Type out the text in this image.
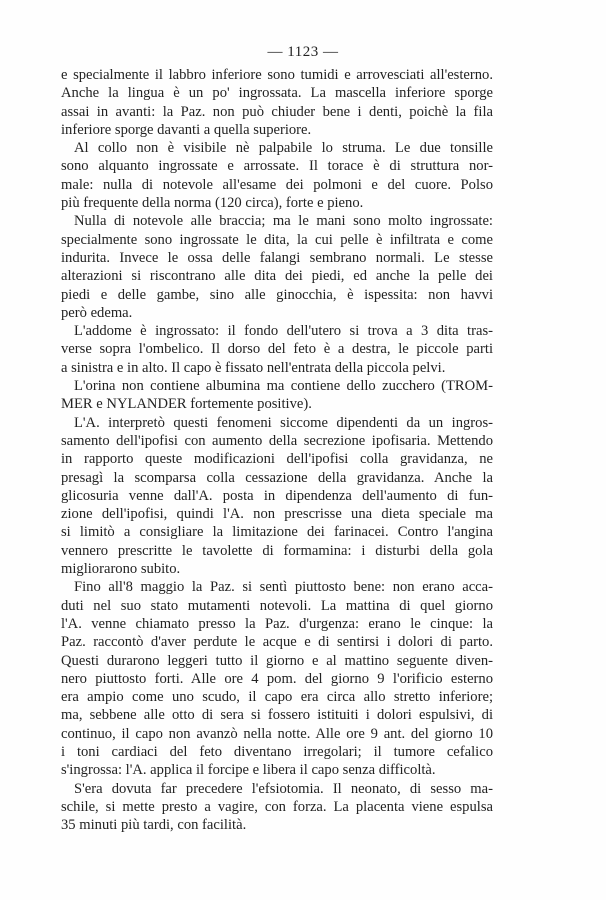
— 1123 —
e specialmente il labbro inferiore sono tumidi e arrovesciati all'esterno.
Anche la lingua è un po' ingrossata. La mascella inferiore sporge
assai in avanti: la Paz. non può chiuder bene i denti, poichè la fila
inferiore sporge davanti a quella superiore.
Al collo non è visibile nè palpabile lo struma. Le due tonsille
sono alquanto ingrossate e arrossate. Il torace è di struttura nor-
male: nulla di notevole all'esame dei polmoni e del cuore. Polso
più frequente della norma (120 circa), forte e pieno.
Nulla di notevole alle braccia; ma le mani sono molto ingrossate:
specialmente sono ingrossate le dita, la cui pelle è infiltrata e come
indurita. Invece le ossa delle falangi sembrano normali. Le stesse
alterazioni si riscontrano alle dita dei piedi, ed anche la pelle dei
piedi e delle gambe, sino alle ginocchia, è ispessita: non havvi
però edema.
L'addome è ingrossato: il fondo dell'utero si trova a 3 dita tras-
verse sopra l'ombelico. Il dorso del feto è a destra, le piccole parti
a sinistra e in alto. Il capo è fissato nell'entrata della piccola pelvi.
L'orina non contiene albumina ma contiene dello zucchero (TROM-
MER e NYLANDER fortemente positive).
L'A. interpretò questi fenomeni siccome dipendenti da un ingros-
samento dell'ipofisi con aumento della secrezione ipofisaria. Mettendo
in rapporto queste modificazioni dell'ipofisi colla gravidanza, ne
presagì la scomparsa colla cessazione della gravidanza. Anche la
glicosuria venne dall'A. posta in dipendenza dell'aumento di fun-
zione dell'ipofisi, quindi l'A. non prescrisse una dieta speciale ma
si limitò a consigliare la limitazione dei farinacei. Contro l'angina
vennero prescritte le tavolette di formamina: i disturbi della gola
migliorarono subito.
Fino all'8 maggio la Paz. si sentì piuttosto bene: non erano acca-
duti nel suo stato mutamenti notevoli. La mattina di quel giorno
l'A. venne chiamato presso la Paz. d'urgenza: erano le cinque: la
Paz. raccontò d'aver perdute le acque e di sentirsi i dolori di parto.
Questi durarono leggeri tutto il giorno e al mattino seguente diven-
nero piuttosto forti. Alle ore 4 pom. del giorno 9 l'orificio esterno
era ampio come uno scudo, il capo era circa allo stretto inferiore;
ma, sebbene alle otto di sera si fossero istituiti i dolori espulsivi, di
continuo, il capo non avanzò nella notte. Alle ore 9 ant. del giorno 10
i toni cardiaci del feto diventano irregolari; il tumore cefalico
s'ingrossa: l'A. applica il forcipe e libera il capo senza difficoltà.
S'era dovuta far precedere l'efsiotomia. Il neonato, di sesso ma-
schile, si mette presto a vagire, con forza. La placenta viene espulsa
35 minuti più tardi, con facilità.
